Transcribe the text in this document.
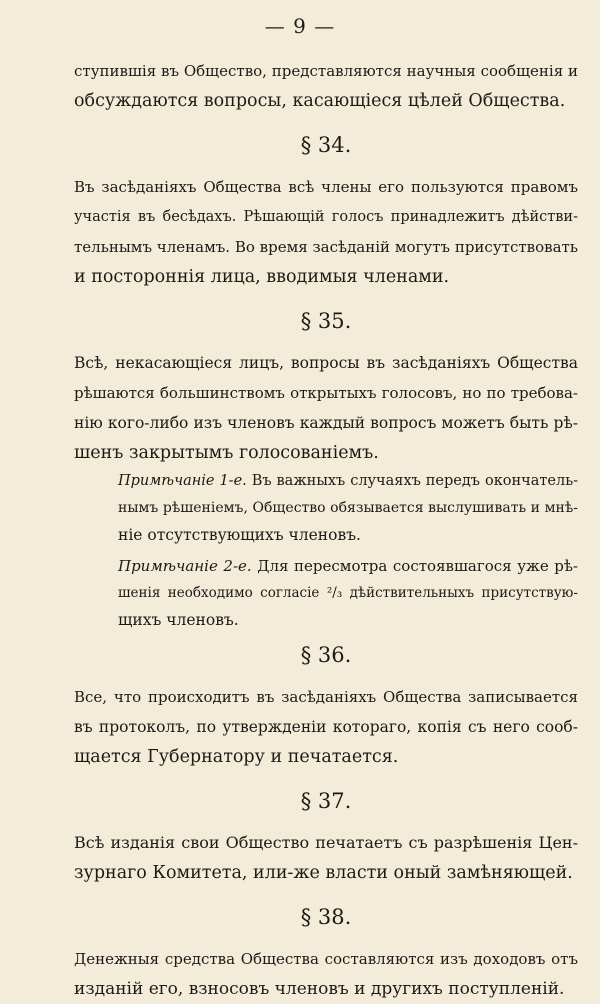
— 9 —
ступившія въ Общество, представляются научныя сообщенія и
обсуждаются вопросы, касающіеся цѣлей Общества.
§ 34.
Въ засѣданіяхъ Общества всѣ члены его пользуются правомъ
участія въ бесѣдахъ. Рѣшающій голосъ принадлежитъ дѣйстви-
тельнымъ членамъ. Во время засѣданій могутъ присутствовать
и постороннія лица, вводимыя членами.
§ 35.
Всѣ, некасающіеся лицъ, вопросы въ засѣданіяхъ Общества
рѣшаются большинствомъ открытыхъ голосовъ, но по требова-
нію кого-либо изъ членовъ каждый вопросъ можетъ быть рѣ-
шенъ закрытымъ голосованіемъ.
Примѣчаніе 1-е. Въ важныхъ случаяхъ передъ окончатель-
нымъ рѣшеніемъ, Общество обязывается выслушивать и мнѣ-
ніе отсутствующихъ членовъ.
Примѣчаніе 2-е. Для пересмотра состоявшагося уже рѣ-
шенія необходимо согласіе ²/₃ дѣйствительныхъ присутствую-
щихъ членовъ.
§ 36.
Все, что происходитъ въ засѣданіяхъ Общества записывается
въ протоколъ, по утвержденіи котораго, копія съ него сооб-
щается Губернатору и печатается.
§ 37.
Всѣ изданія свои Общество печатаетъ съ разрѣшенія Цен-
зурнаго Комитета, или-же власти оный замѣняющей.
§ 38.
Денежныя средства Общества составляются изъ доходовъ отъ
изданій его, взносовъ членовъ и другихъ поступленій.
